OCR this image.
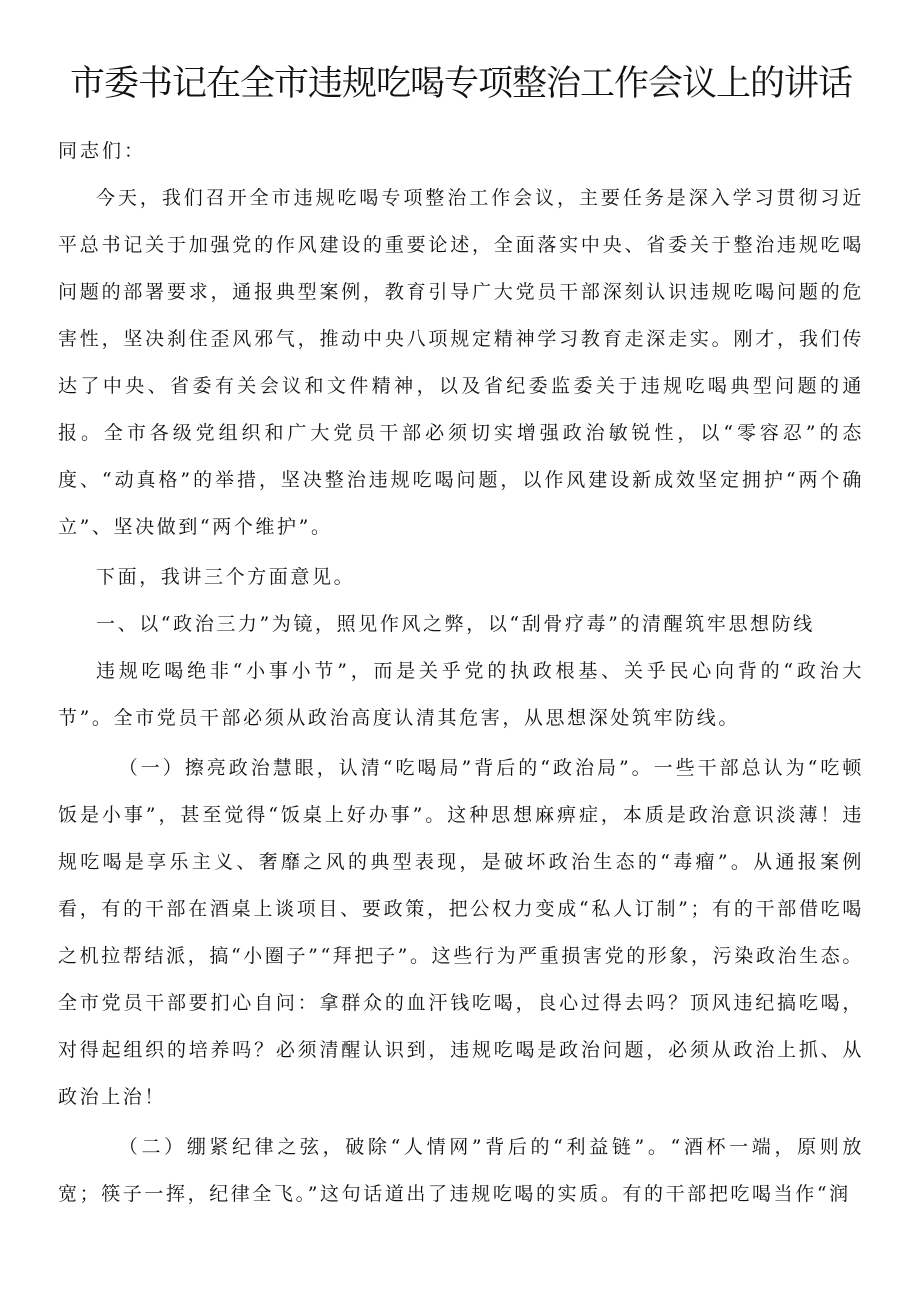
市委书记在全市违规吃喝专项整治工作会议上的讲话

同志们：

今天，我们召开全市违规吃喝专项整治工作会议，主要任务是深入学习贯彻习近平总书记关于加强党的作风建设的重要论述，全面落实中央、省委关于整治违规吃喝问题的部署要求，通报典型案例，教育引导广大党员干部深刻认识违规吃喝问题的危害性，坚决刹住歪风邪气，推动中央八项规定精神学习教育走深走实。刚才，我们传达了中央、省委有关会议和文件精神，以及省纪委监委关于违规吃喝典型问题的通报。全市各级党组织和广大党员干部必须切实增强政治敏锐性，以“零容忍”的态度、“动真格”的举措，坚决整治违规吃喝问题，以作风建设新成效坚定拥护“两个确立”、坚决做到“两个维护”。

下面，我讲三个方面意见。

一、以“政治三力”为镜，照见作风之弊，以“刮骨疗毒”的清醒筑牢思想防线

违规吃喝绝非“小事小节”，而是关乎党的执政根基、关乎民心向背的“政治大节”。全市党员干部必须从政治高度认清其危害，从思想深处筑牢防线。

（一）擦亮政治慧眼，认清“吃喝局”背后的“政治局”。一些干部总认为“吃顿饭是小事”，甚至觉得“饭桌上好办事”。这种思想麻痹症，本质是政治意识淡薄！违规吃喝是享乐主义、奢靡之风的典型表现，是破坏政治生态的“毒瘤”。从通报案例看，有的干部在酒桌上谈项目、要政策，把公权力变成“私人订制”；有的干部借吃喝之机拉帮结派，搞“小圈子”“拜把子”。这些行为严重损害党的形象，污染政治生态。全市党员干部要扪心自问：拿群众的血汗钱吃喝，良心过得去吗？顶风违纪搞吃喝，对得起组织的培养吗？必须清醒认识到，违规吃喝是政治问题，必须从政治上抓、从政治上治！

（二）绷紧纪律之弦，破除“人情网”背后的“利益链”。“酒杯一端，原则放宽；筷子一挥，纪律全飞。”这句话道出了违规吃喝的实质。有的干部把吃喝当作“润
